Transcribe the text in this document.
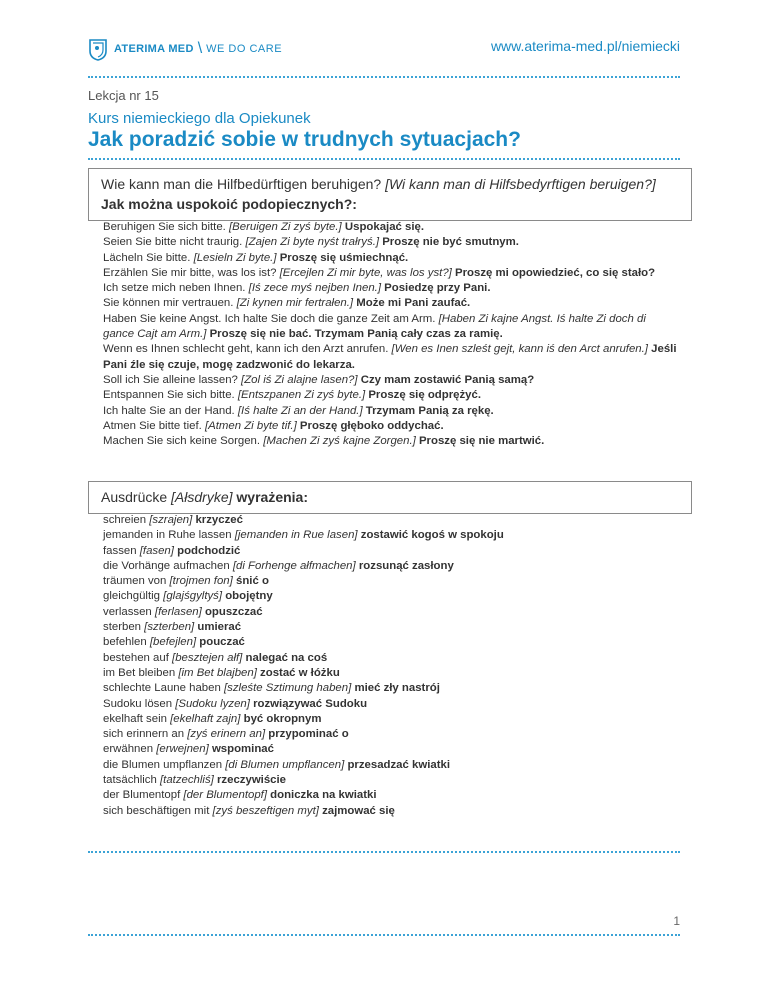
ATERIMA MED \ WE DO CARE	www.aterima-med.pl/niemiecki
Lekcja nr 15
Kurs niemieckiego dla Opiekunek
Jak poradzić sobie w trudnych sytuacjach?
Wie kann man die Hilfbedürftigen beruhigen? [Wi kann man di Hilfsbedyrftigen beruigen?] Jak można uspokoić podopiecznych?:
Beruhigen Sie sich bitte. [Beruigen Zi zyś byte.] Uspokajać się.
Seien Sie bitte nicht traurig. [Zajen Zi byte nyśt trałryś.] Proszę nie być smutnym.
Lächeln Sie bitte. [Lesieln Zi byte.] Proszę się uśmiechnąć.
Erzählen Sie mir bitte, was los ist? [Ercejlen Zi mir byte, was los yst?] Proszę mi opowiedzieć, co się stało?
Ich setze mich neben Ihnen. [Iś zece myś nejben Inen.] Posiedzę przy Pani.
Sie können mir vertrauen. [Zi kynen mir fertrałen.] Może mi Pani zaufać.
Haben Sie keine Angst. Ich halte Sie doch die ganze Zeit am Arm. [Haben Zi kajne Angst. Iś halte Zi doch di gance Cajt am Arm.] Proszę się nie bać. Trzymam Panią cały czas za ramię.
Wenn es Ihnen schlecht geht, kann ich den Arzt anrufen. [Wen es Inen szleśt gejt, kann iś den Arct anrufen.] Jeśli Pani źle się czuje, mogę zadzwonić do lekarza.
Soll ich Sie alleine lassen? [Zol iś Zi alajne lasen?] Czy mam zostawić Panią samą?
Entspannen Sie sich bitte. [Entszpanen Zi zyś byte.] Proszę się odprężyć.
Ich halte Sie an der Hand. [Iś halte Zi an der Hand.] Trzymam Panią za rękę.
Atmen Sie bitte tief. [Atmen Zi byte tif.] Proszę głęboko oddychać.
Machen Sie sich keine Sorgen. [Machen Zi zyś kajne Zorgen.] Proszę się nie martwić.
Ausdrücke [Ałsdryke] wyrażenia:
schreien [szrajen] krzyczeć
jemanden in Ruhe lassen [jemanden in Rue lasen] zostawić kogoś w spokoju
fassen [fasen] podchodzić
die Vorhänge aufmachen [di Forhenge ałfmachen] rozsunąć zasłony
träumen von [trojmen fon] śnić o
gleichgültig [glajśgyltyś] obojętny
verlassen [ferlasen] opuszczać
sterben [szterben] umierać
befehlen [befejlen] pouczać
bestehen auf [besztejen ałf] nalegać na coś
im Bet bleiben [im Bet blajben] zostać w łóżku
schlechte Laune haben [szleśte Sztimung haben] mieć zły nastrój
Sudoku lösen [Sudoku lyzen] rozwiązywać Sudoku
ekelhaft sein [ekelhaft zajn] być okropnym
sich erinnern an [zyś erinern an] przypominać o
erwähnen [erwejnen] wspominać
die Blumen umpflanzen [di Blumen umpflancen] przesadzać kwiatki
tatsächlich [tatzechliś] rzeczywiście
der Blumentopf [der Blumentopf] doniczka na kwiatki
sich beschäftigen mit [zyś beszeftigen myt] zajmować się
1
